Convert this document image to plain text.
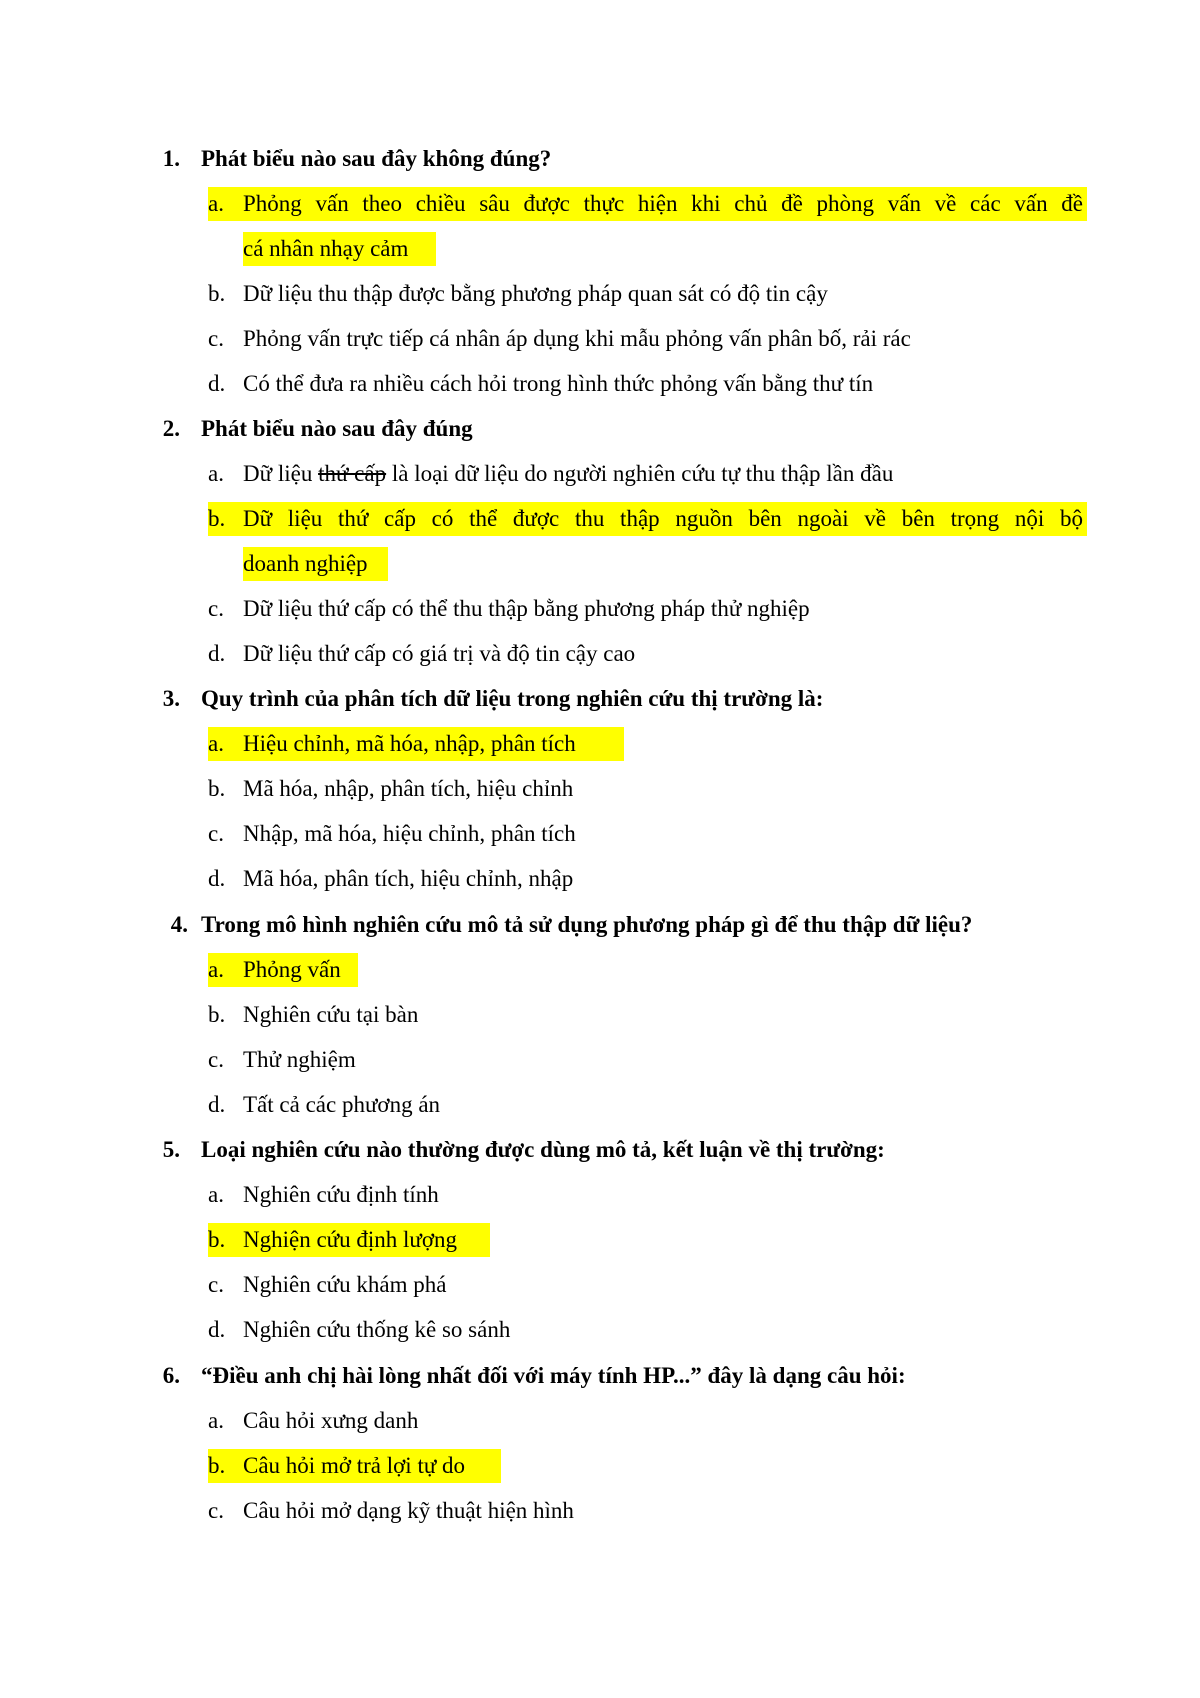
1. Phát biểu nào sau đây không đúng?
a. Phỏng vấn theo chiều sâu được thực hiện khi chủ đề phòng vấn về các vấn đề
cá nhân nhạy cảm
b. Dữ liệu thu thập được bằng phương pháp quan sát có độ tin cậy
c. Phỏng vấn trực tiếp cá nhân áp dụng khi mẫu phỏng vấn phân bố, rải rác
d. Có thể đưa ra nhiều cách hỏi trong hình thức phỏng vấn bằng thư tín
2. Phát biểu nào sau đây đúng
a. Dữ liệu thứ cấp là loại dữ liệu do người nghiên cứu tự thu thập lần đầu
b. Dữ liệu thứ cấp có thể được thu thập nguồn bên ngoài về bên trọng nội bộ
doanh nghiệp
c. Dữ liệu thứ cấp có thể thu thập bằng phương pháp thử nghiệp
d. Dữ liệu thứ cấp có giá trị và độ tin cậy cao
3. Quy trình của phân tích dữ liệu trong nghiên cứu thị trường là:
a. Hiệu chỉnh, mã hóa, nhập, phân tích
b. Mã hóa, nhập, phân tích, hiệu chỉnh
c. Nhập, mã hóa, hiệu chỉnh, phân tích
d. Mã hóa, phân tích, hiệu chỉnh, nhập
4. Trong mô hình nghiên cứu mô tả sử dụng phương pháp gì để thu thập dữ liệu?
a. Phỏng vấn
b. Nghiên cứu tại bàn
c. Thử nghiệm
d. Tất cả các phương án
5. Loại nghiên cứu nào thường được dùng mô tả, kết luận về thị trường:
a. Nghiên cứu định tính
b. Nghiện cứu định lượng
c. Nghiên cứu khám phá
d. Nghiên cứu thống kê so sánh
6. “Điều anh chị hài lòng nhất đối với máy tính HP...” đây là dạng câu hỏi:
a. Câu hỏi xưng danh
b. Câu hỏi mở trả lợi tự do
c. Câu hỏi mở dạng kỹ thuật hiện hình
